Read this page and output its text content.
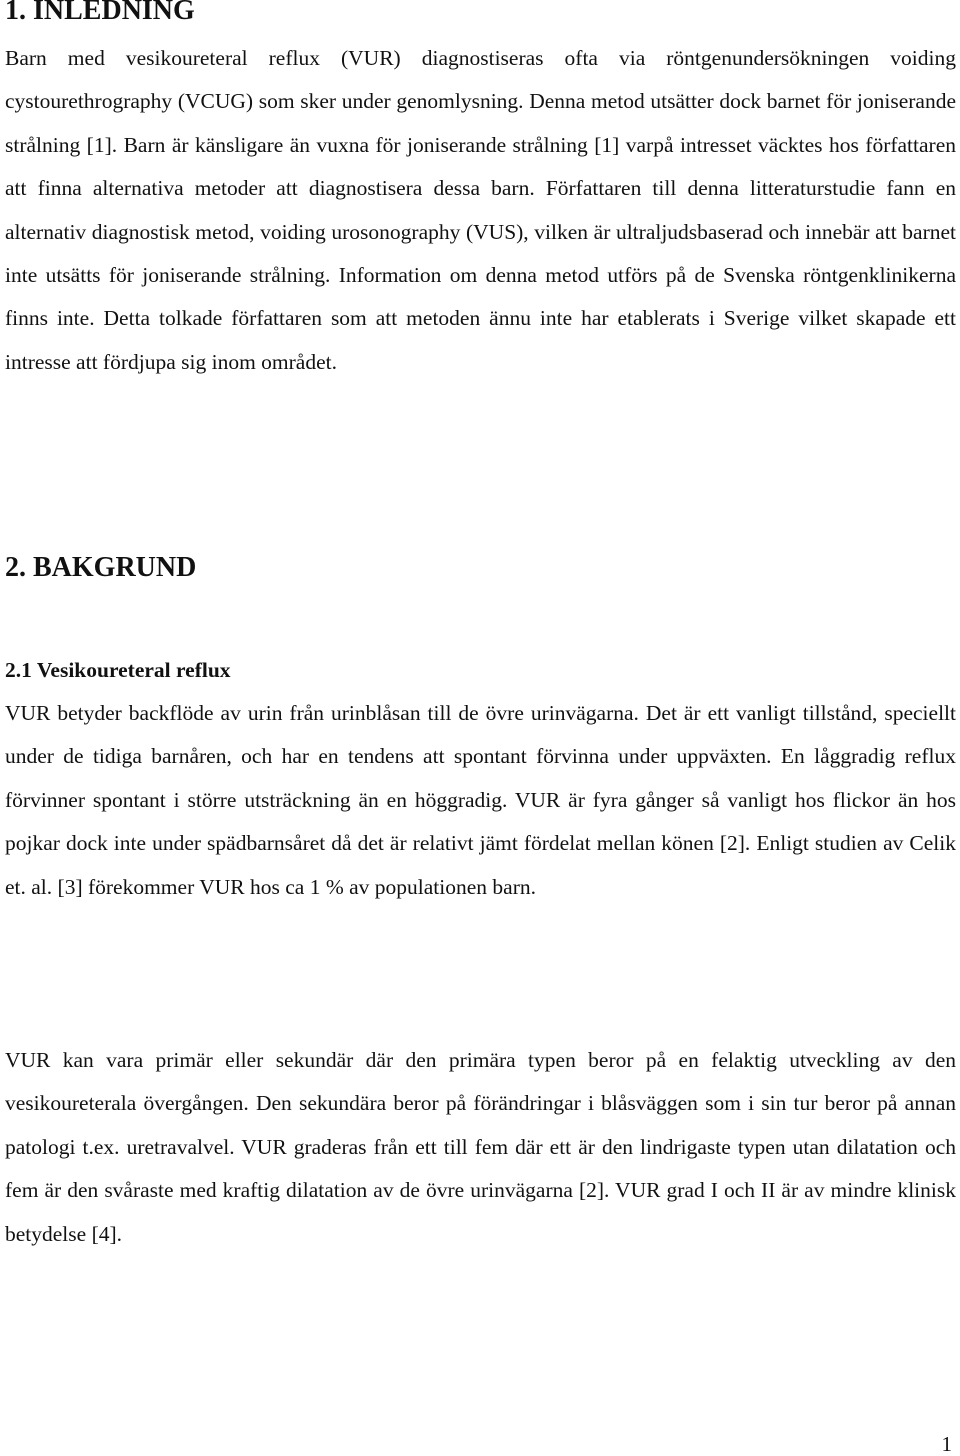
1. INLEDNING

Barn med vesikoureteral reflux (VUR) diagnostiseras ofta via röntgenundersökningen voiding cystourethrography (VCUG) som sker under genomlysning. Denna metod utsätter dock barnet för joniserande strålning [1]. Barn är känsligare än vuxna för joniserande strålning [1] varpå intresset väcktes hos författaren att finna alternativa metoder att diagnostisera dessa barn. Författaren till denna litteraturstudie fann en alternativ diagnostisk metod, voiding urosonography (VUS), vilken är ultraljudsbaserad och innebär att barnet inte utsätts för joniserande strålning. Information om denna metod utförs på de Svenska röntgenklinikerna finns inte. Detta tolkade författaren som att metoden ännu inte har etablerats i Sverige vilket skapade ett intresse att fördjupa sig inom området.

2. BAKGRUND
2.1 Vesikoureteral reflux

VUR betyder backflöde av urin från urinblåsan till de övre urinvägarna. Det är ett vanligt tillstånd, speciellt under de tidiga barnåren, och har en tendens att spontant förvinna under uppväxten. En låggradig reflux förvinner spontant i större utsträckning än en höggradig. VUR är fyra gånger så vanligt hos flickor än hos pojkar dock inte under spädbarnsåret då det är relativt jämt fördelat mellan könen [2]. Enligt studien av Celik et. al. [3] förekommer VUR hos ca 1 % av populationen barn.

VUR kan vara primär eller sekundär där den primära typen beror på en felaktig utveckling av den vesikoureterala övergången. Den sekundära beror på förändringar i blåsväggen som i sin tur beror på annan patologi t.ex. uretravalvel. VUR graderas från ett till fem där ett är den lindrigaste typen utan dilatation och fem är den svåraste med kraftig dilatation av de övre urinvägarna [2]. VUR grad I och II är av mindre klinisk betydelse [4].

1
